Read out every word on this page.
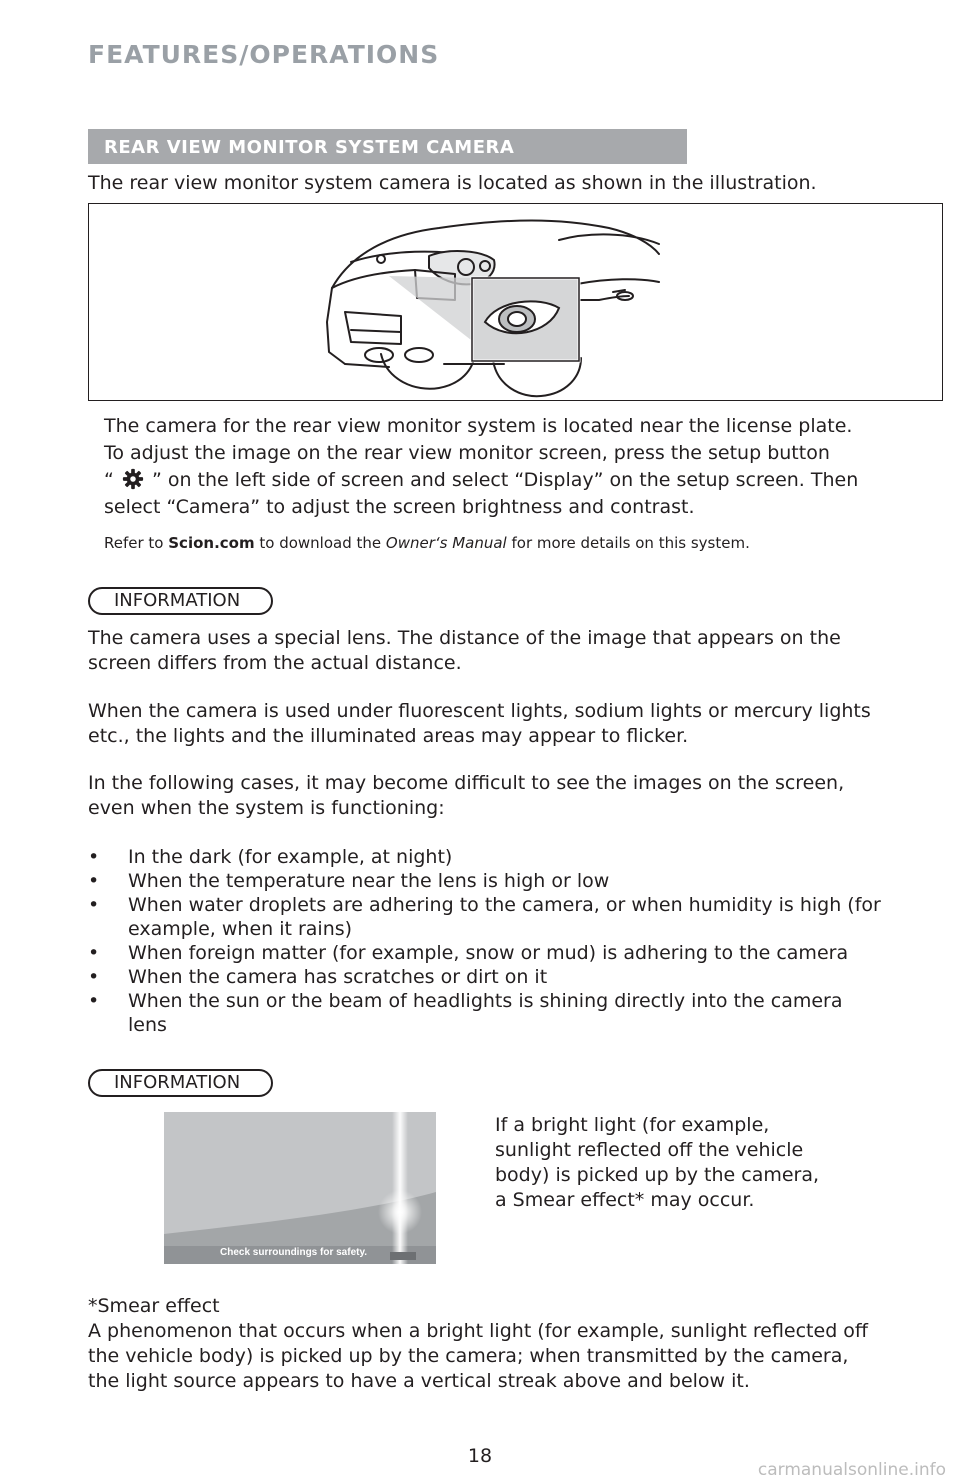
FEATURES/OPERATIONS
REAR VIEW MONITOR SYSTEM CAMERA

The rear view monitor system camera is located as shown in the illustration.

The camera for the rear view monitor system is located near the license plate.

To adjust the image on the rear view monitor screen, press the setup button

“ ” on the left side of screen and select “Display” on the setup screen. Then

select “Camera” to adjust the screen brightness and contrast.

Refer to Scion.com to download the Owner‘s Manual for more details on this system.

INFORMATION

The camera uses a special lens. The distance of the image that appears on the

screen differs from the actual distance.

When the camera is used under fluorescent lights, sodium lights or mercury lights

etc., the lights and the illuminated areas may appear to flicker.

In the following cases, it may become difficult to see the images on the screen,

even when the system is functioning:

• In the dark (for example, at night)
• When the temperature near the lens is high or low
• When water droplets are adhering to the camera, or when humidity is high (for example, when it rains)
• When foreign matter (for example, snow or mud) is adhering to the camera
• When the camera has scratches or dirt on it
• When the sun or the beam of headlights is shining directly into the camera lens
INFORMATION
Check surroundings for safety.

If a bright light (for example,

sunlight reflected off the vehicle

body) is picked up by the camera,

a Smear effect* may occur.

*Smear effect

A phenomenon that occurs when a bright light (for example, sunlight reflected off

the vehicle body) is picked up by the camera; when transmitted by the camera,

the light source appears to have a vertical streak above and below it.

18
carmanualsonline.info
